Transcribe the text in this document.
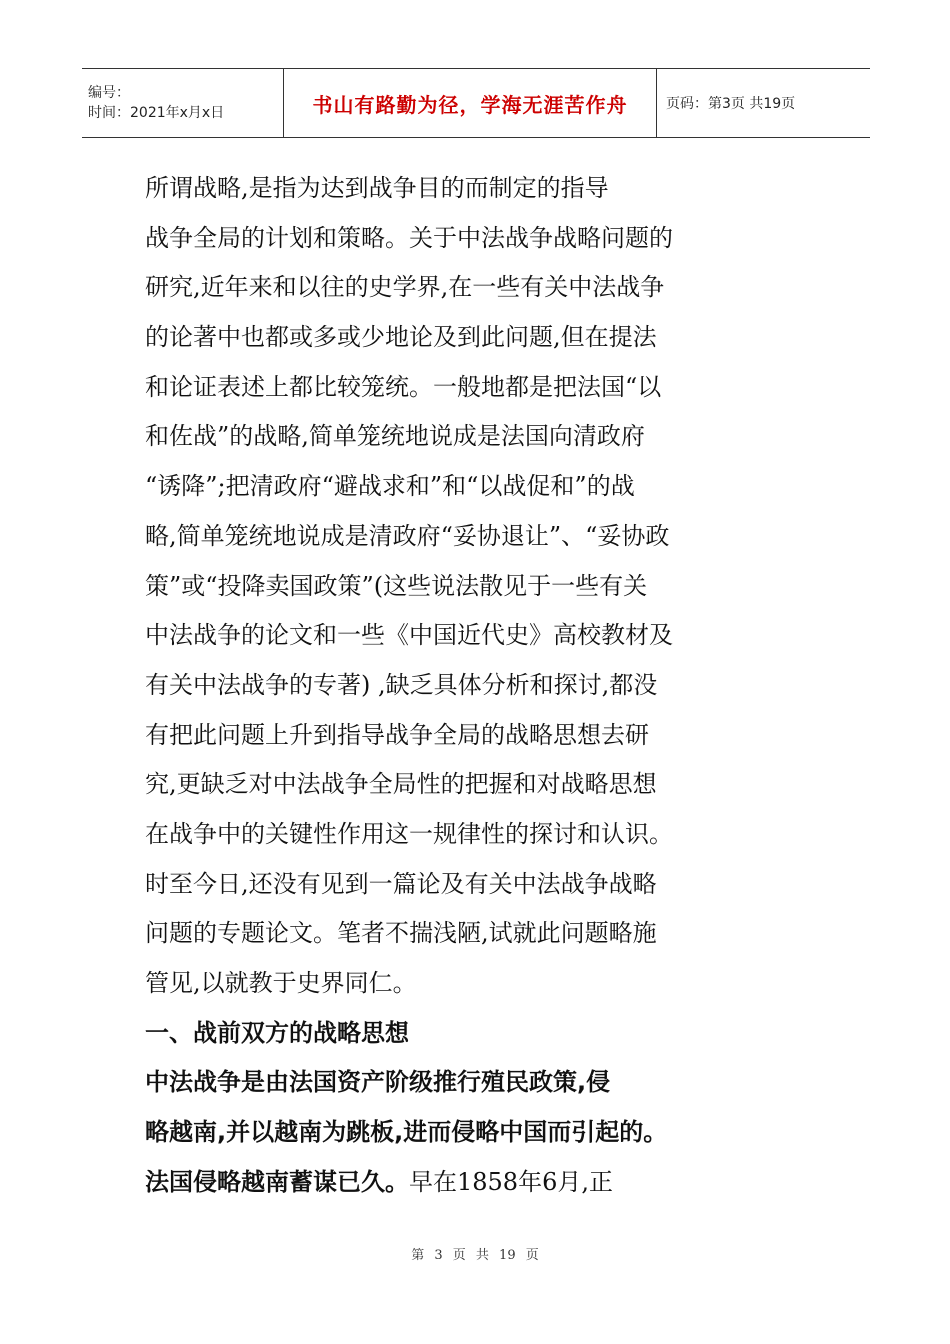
编号：
时间：2021年x月x日	书山有路勤为径，学海无涯苦作舟	页码：第3页 共19页
所谓战略,是指为达到战争目的而制定的指导
战争全局的计划和策略。关于中法战争战略问题的
研究,近年来和以往的史学界,在一些有关中法战争
的论著中也都或多或少地论及到此问题,但在提法
和论证表述上都比较笼统。一般地都是把法国“以
和佐战”的战略,简单笼统地说成是法国向清政府
“诱降”;把清政府“避战求和”和“以战促和”的战
略,简单笼统地说成是清政府“妥协退让”、“妥协政
策”或“投降卖国政策”(这些说法散见于一些有关
中法战争的论文和一些《中国近代史》高校教材及
有关中法战争的专著) ,缺乏具体分析和探讨,都没
有把此问题上升到指导战争全局的战略思想去研
究,更缺乏对中法战争全局性的把握和对战略思想
在战争中的关键性作用这一规律性的探讨和认识。
时至今日,还没有见到一篇论及有关中法战争战略
问题的专题论文。笔者不揣浅陋,试就此问题略施
管见,以就教于史界同仁。
一、战前双方的战略思想
中法战争是由法国资产阶级推行殖民政策,侵
略越南,并以越南为跳板,进而侵略中国而引起的。
法国侵略越南蓄谋已久。早在1858年6月,正
第 3 页 共 19 页
